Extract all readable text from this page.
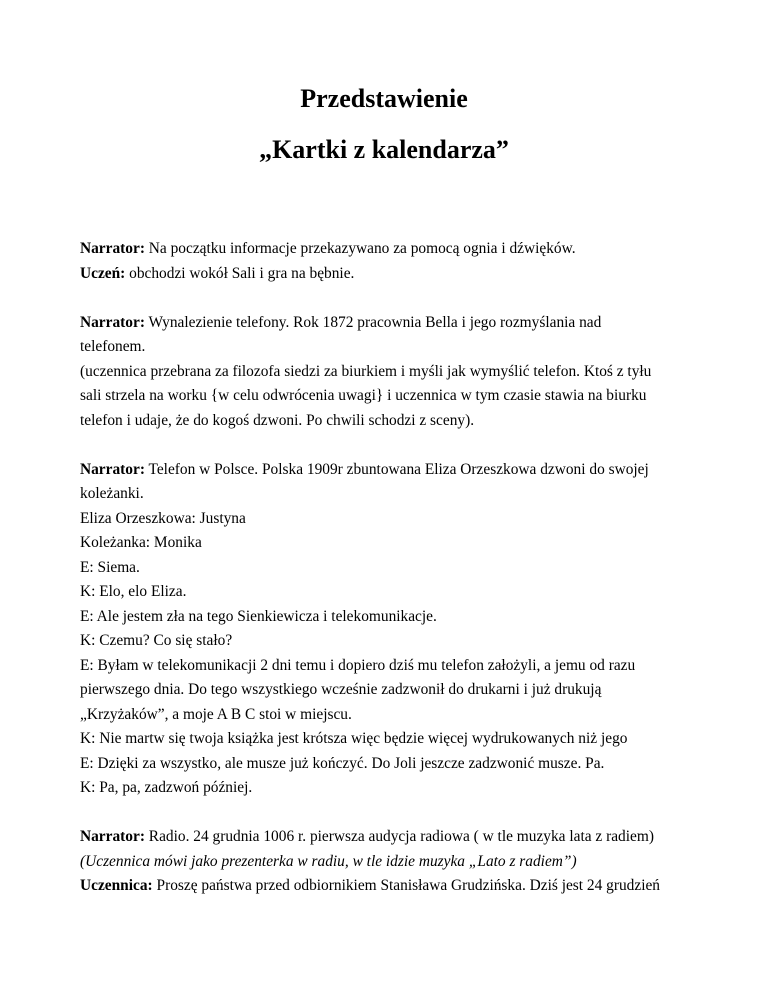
Przedstawienie
„Kartki z kalendarza”
Narrator: Na początku informacje przekazywano za pomocą ognia i dźwięków.
Uczeń: obchodzi wokół Sali i gra na bębnie.
Narrator: Wynalezienie telefony. Rok 1872 pracownia Bella i jego rozmyślania nad
telefonem.
(uczennica przebrana za filozofa siedzi za biurkiem i myśli jak wymyślić telefon. Ktoś z tyłu
sali strzela na worku {w celu odwrócenia uwagi} i uczennica w tym czasie stawia na biurku
telefon i udaje, że do kogoś dzwoni. Po chwili schodzi z sceny).
Narrator: Telefon w Polsce. Polska 1909r zbuntowana Eliza Orzeszkowa dzwoni do swojej
koleżanki.
Eliza Orzeszkowa: Justyna
Koleżanka: Monika
E: Siema.
K: Elo, elo Eliza.
E: Ale jestem zła na tego Sienkiewicza i telekomunikacje.
K: Czemu? Co się stało?
E: Byłam w telekomunikacji 2 dni temu i dopiero dziś mu telefon założyli, a jemu od razu
pierwszego dnia. Do tego wszystkiego wcześnie zadzwonił do drukarni i już drukują
„Krzyżaków”, a moje A B C stoi w miejscu.
K: Nie martw się twoja książka jest krótsza więc będzie więcej wydrukowanych niż jego
E: Dzięki za wszystko, ale musze już kończyć. Do Joli jeszcze zadzwonić musze. Pa.
K: Pa, pa, zadzwoń później.
Narrator: Radio. 24 grudnia 1006 r. pierwsza audycja radiowa ( w tle muzyka lata z radiem)
(Uczennica mówi jako prezenterka w radiu, w tle idzie muzyka „Lato z radiem”)
Uczennica: Proszę państwa przed odbiornikiem Stanisława Grudzińska. Dziś jest 24 grudzień
